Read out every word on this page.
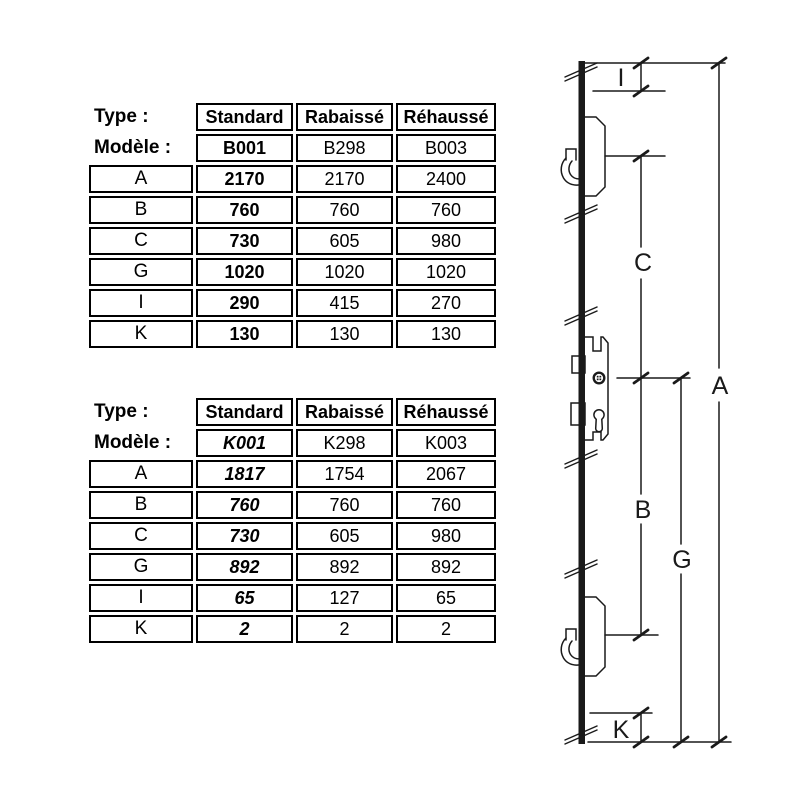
Type :	Standard	Rabaissé	Réhaussé
Modèle :	B001	B298	B003
A	2170	2170	2400
B	760	760	760
C	730	605	980
G	1020	1020	1020
I	290	415	270
K	130	130	130
Type :	Standard	Rabaissé	Réhaussé
Modèle :	K001	K298	K003
A	1817	1754	2067
B	760	760	760
C	730	605	980
G	892	892	892
I	65	127	65
K	2	2	2
I
C
B
G
A
K
